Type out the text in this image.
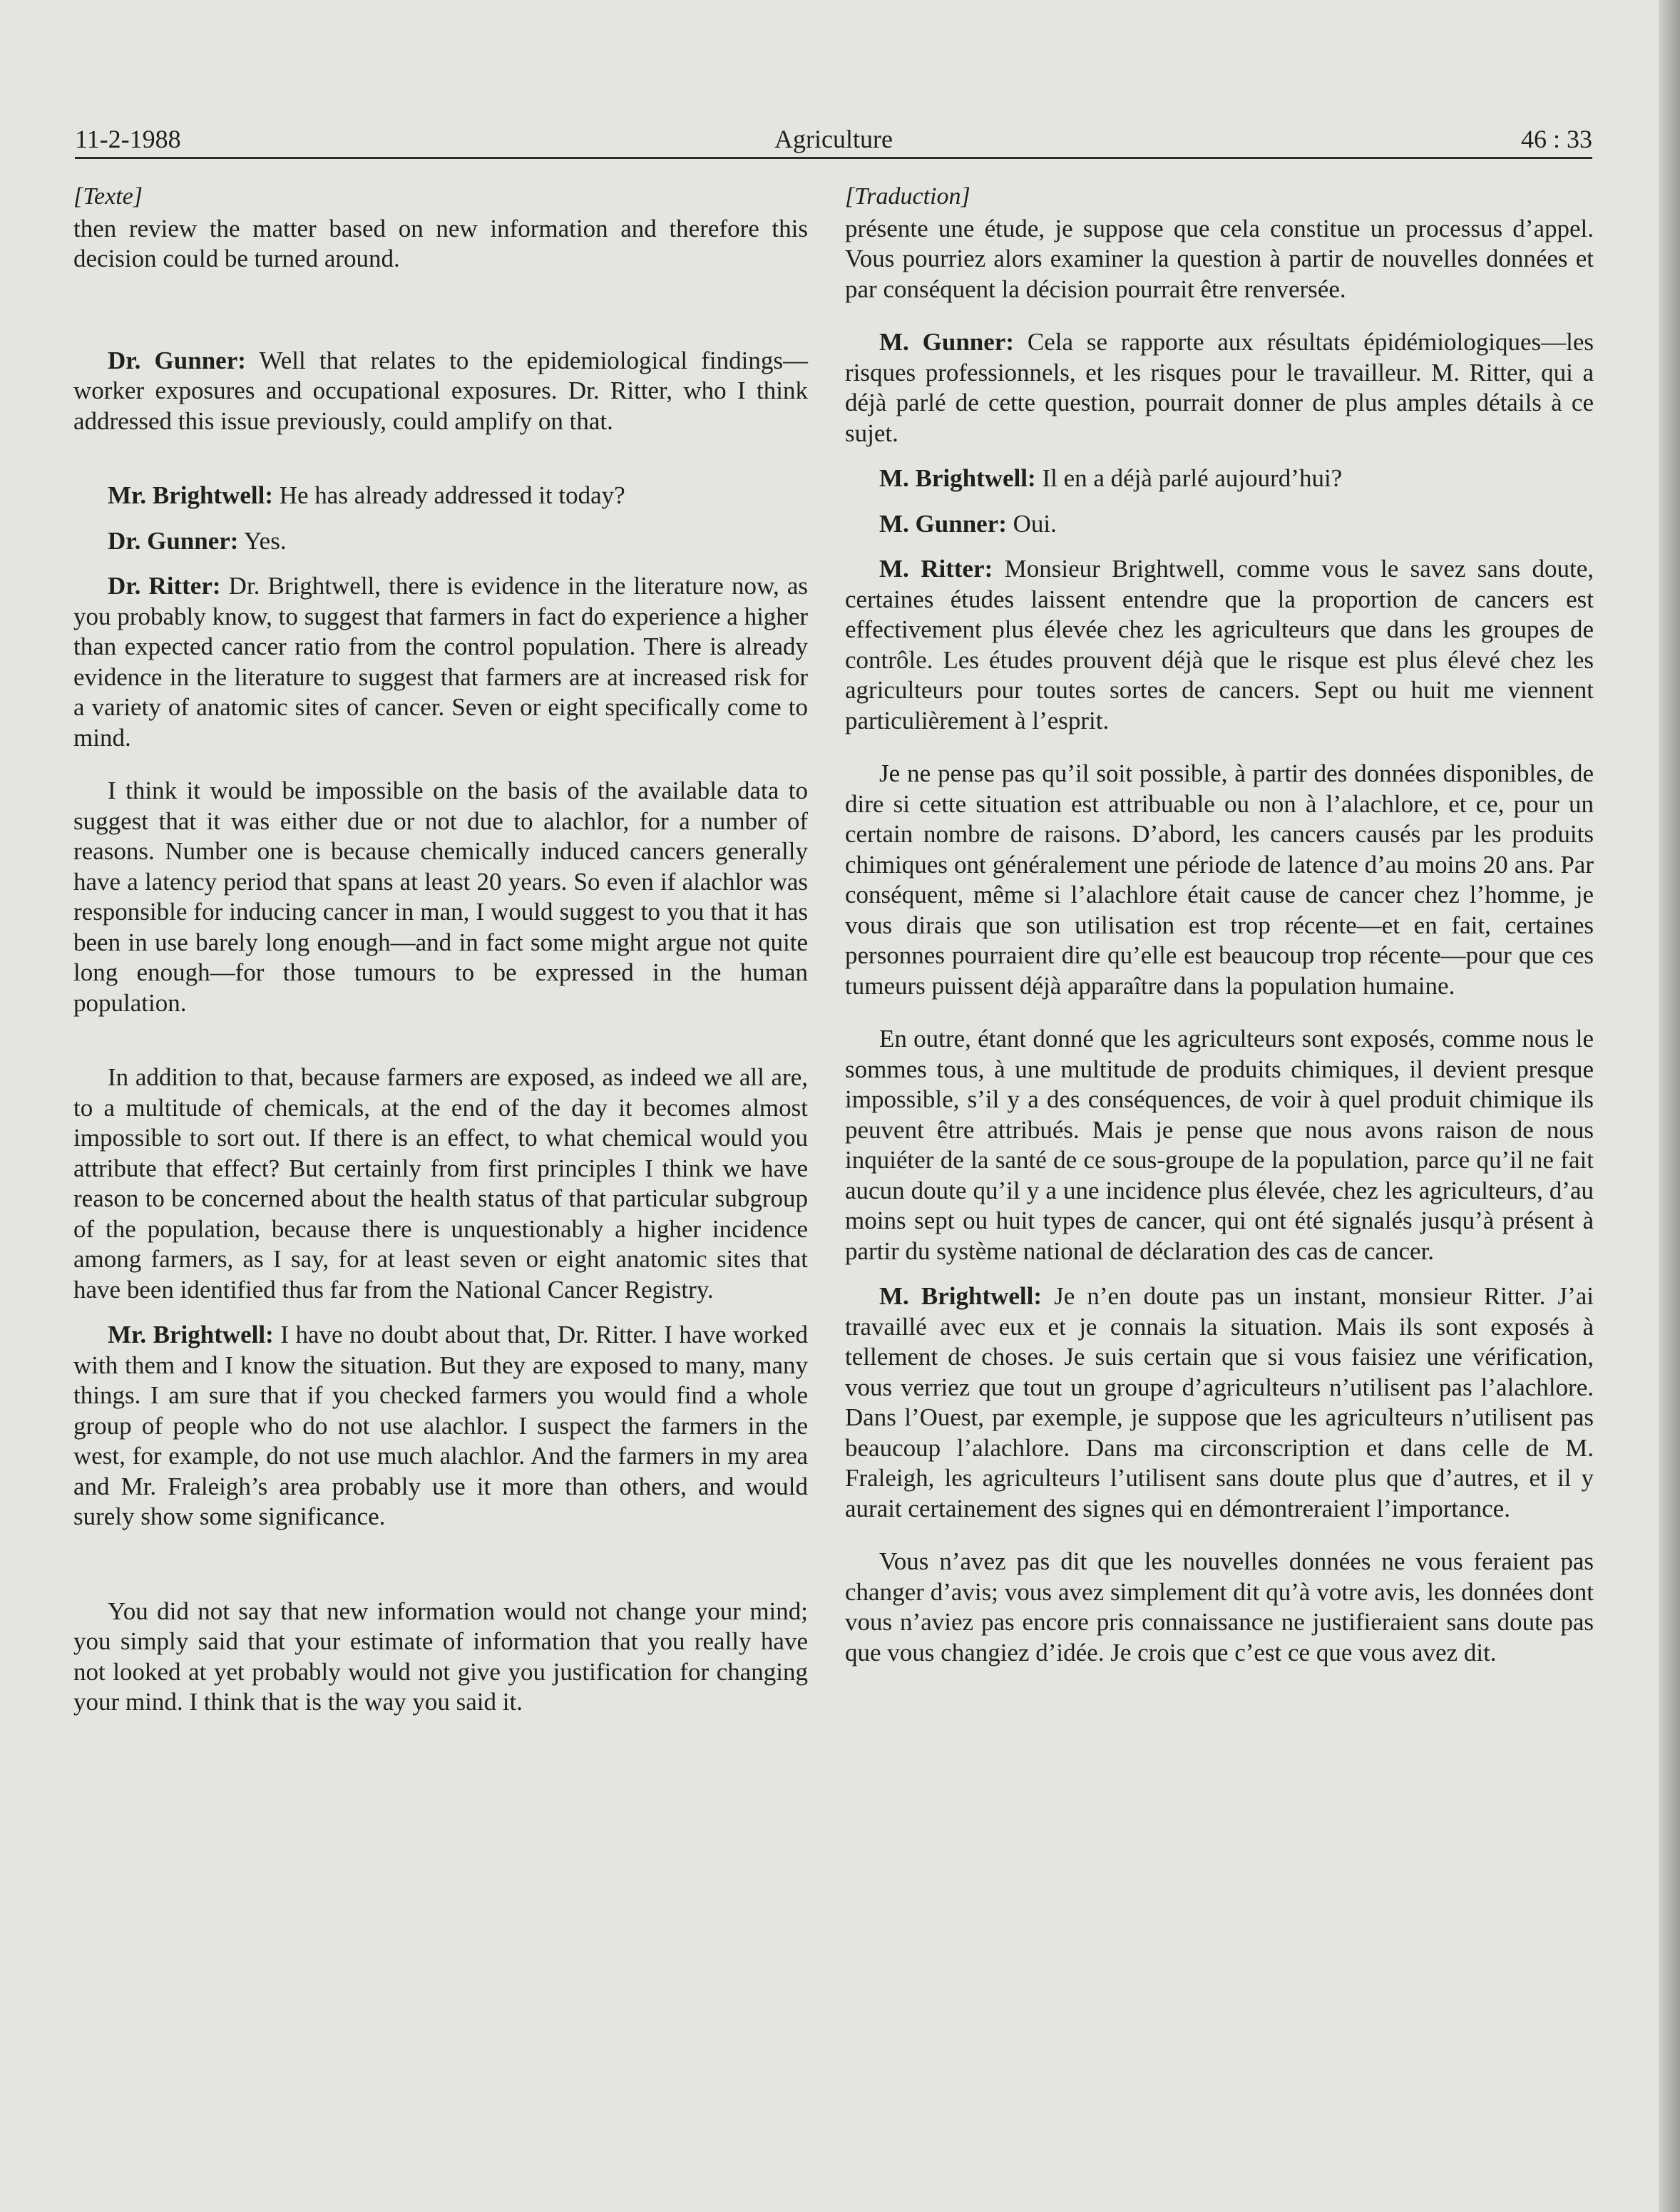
11-2-1988	Agriculture	46 : 33
[Texte]

then review the matter based on new information and therefore this decision could be turned around.

Dr. Gunner: Well that relates to the epidemiological findings—worker exposures and occupational exposures. Dr. Ritter, who I think addressed this issue previously, could amplify on that.

Mr. Brightwell: He has already addressed it today?

Dr. Gunner: Yes.

Dr. Ritter: Dr. Brightwell, there is evidence in the literature now, as you probably know, to suggest that farmers in fact do experience a higher than expected cancer ratio from the control population. There is already evidence in the literature to suggest that farmers are at increased risk for a variety of anatomic sites of cancer. Seven or eight specifically come to mind.

I think it would be impossible on the basis of the available data to suggest that it was either due or not due to alachlor, for a number of reasons. Number one is because chemically induced cancers generally have a latency period that spans at least 20 years. So even if alachlor was responsible for inducing cancer in man, I would suggest to you that it has been in use barely long enough—and in fact some might argue not quite long enough—for those tumours to be expressed in the human population.

In addition to that, because farmers are exposed, as indeed we all are, to a multitude of chemicals, at the end of the day it becomes almost impossible to sort out. If there is an effect, to what chemical would you attribute that effect? But certainly from first principles I think we have reason to be concerned about the health status of that particular subgroup of the population, because there is unquestionably a higher incidence among farmers, as I say, for at least seven or eight anatomic sites that have been identified thus far from the National Cancer Registry.

Mr. Brightwell: I have no doubt about that, Dr. Ritter. I have worked with them and I know the situation. But they are exposed to many, many things. I am sure that if you checked farmers you would find a whole group of people who do not use alachlor. I suspect the farmers in the west, for example, do not use much alachlor. And the farmers in my area and Mr. Fraleigh’s area probably use it more than others, and would surely show some significance.

You did not say that new information would not change your mind; you simply said that your estimate of information that you really have not looked at yet probably would not give you justification for changing your mind. I think that is the way you said it.

[Traduction]

présente une étude, je suppose que cela constitue un processus d’appel. Vous pourriez alors examiner la question à partir de nouvelles données et par conséquent la décision pourrait être renversée.

M. Gunner: Cela se rapporte aux résultats épidémiologiques—les risques professionnels, et les risques pour le travailleur. M. Ritter, qui a déjà parlé de cette question, pourrait donner de plus amples détails à ce sujet.

M. Brightwell: Il en a déjà parlé aujourd’hui?

M. Gunner: Oui.

M. Ritter: Monsieur Brightwell, comme vous le savez sans doute, certaines études laissent entendre que la proportion de cancers est effectivement plus élevée chez les agriculteurs que dans les groupes de contrôle. Les études prouvent déjà que le risque est plus élevé chez les agriculteurs pour toutes sortes de cancers. Sept ou huit me viennent particulièrement à l’esprit.

Je ne pense pas qu’il soit possible, à partir des données disponibles, de dire si cette situation est attribuable ou non à l’alachlore, et ce, pour un certain nombre de raisons. D’abord, les cancers causés par les produits chimiques ont généralement une période de latence d’au moins 20 ans. Par conséquent, même si l’alachlore était cause de cancer chez l’homme, je vous dirais que son utilisation est trop récente—et en fait, certaines personnes pourraient dire qu’elle est beaucoup trop récente—pour que ces tumeurs puissent déjà apparaître dans la population humaine.

En outre, étant donné que les agriculteurs sont exposés, comme nous le sommes tous, à une multitude de produits chimiques, il devient presque impossible, s’il y a des conséquences, de voir à quel produit chimique ils peuvent être attribués. Mais je pense que nous avons raison de nous inquiéter de la santé de ce sous-groupe de la population, parce qu’il ne fait aucun doute qu’il y a une incidence plus élevée, chez les agriculteurs, d’au moins sept ou huit types de cancer, qui ont été signalés jusqu’à présent à partir du système national de déclaration des cas de cancer.

M. Brightwell: Je n’en doute pas un instant, monsieur Ritter. J’ai travaillé avec eux et je connais la situation. Mais ils sont exposés à tellement de choses. Je suis certain que si vous faisiez une vérification, vous verriez que tout un groupe d’agriculteurs n’utilisent pas l’alachlore. Dans l’Ouest, par exemple, je suppose que les agriculteurs n’utilisent pas beaucoup l’alachlore. Dans ma circonscription et dans celle de M. Fraleigh, les agriculteurs l’utilisent sans doute plus que d’autres, et il y aurait certainement des signes qui en démontreraient l’importance.

Vous n’avez pas dit que les nouvelles données ne vous feraient pas changer d’avis; vous avez simplement dit qu’à votre avis, les données dont vous n’aviez pas encore pris connaissance ne justifieraient sans doute pas que vous changiez d’idée. Je crois que c’est ce que vous avez dit.
